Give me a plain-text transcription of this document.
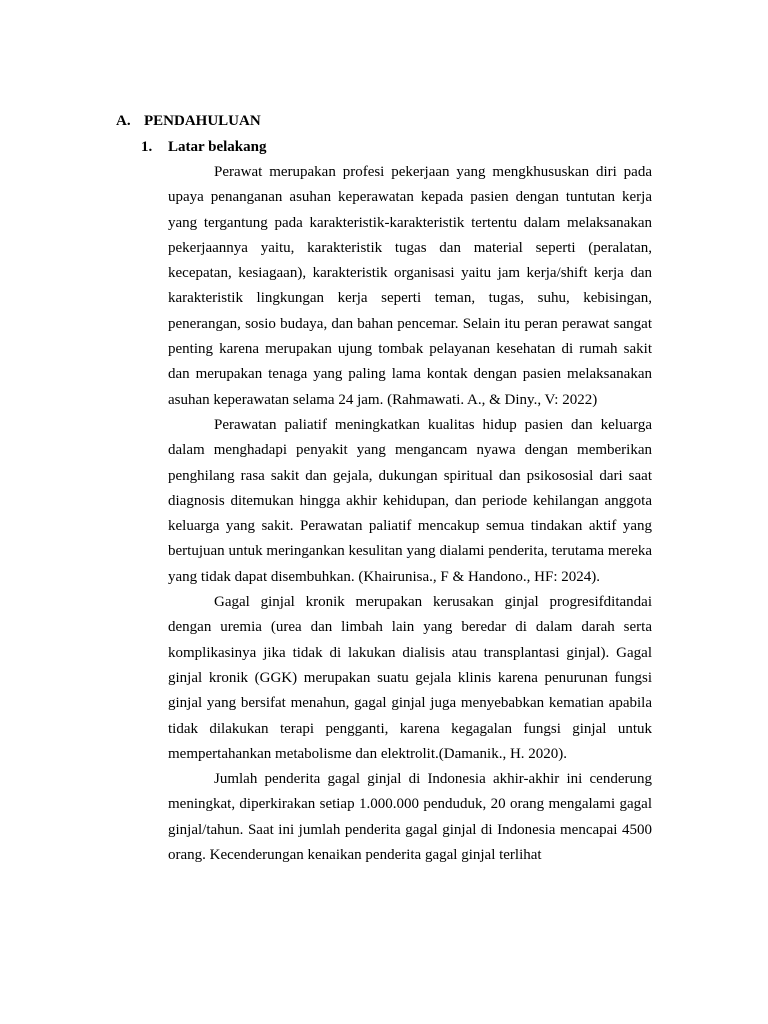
A. PENDAHULUAN
1. Latar belakang

Perawat merupakan profesi pekerjaan yang mengkhususkan diri pada upaya penanganan asuhan keperawatan kepada pasien dengan tuntutan kerja yang tergantung pada karakteristik-karakteristik tertentu dalam melaksanakan pekerjaannya yaitu, karakteristik tugas dan material seperti (peralatan, kecepatan, kesiagaan), karakteristik organisasi yaitu jam kerja/shift kerja dan karakteristik lingkungan kerja seperti teman, tugas, suhu, kebisingan, penerangan, sosio budaya, dan bahan pencemar. Selain itu peran perawat sangat penting karena merupakan ujung tombak pelayanan kesehatan di rumah sakit dan merupakan tenaga yang paling lama kontak dengan pasien melaksanakan asuhan keperawatan selama 24 jam. (Rahmawati. A., & Diny., V: 2022)

Perawatan paliatif meningkatkan kualitas hidup pasien dan keluarga dalam menghadapi penyakit yang mengancam nyawa dengan memberikan penghilang rasa sakit dan gejala, dukungan spiritual dan psikososial dari saat diagnosis ditemukan hingga akhir kehidupan, dan periode kehilangan anggota keluarga yang sakit. Perawatan paliatif mencakup semua tindakan aktif yang bertujuan untuk meringankan kesulitan yang dialami penderita, terutama mereka yang tidak dapat disembuhkan. (Khairunisa., F & Handono., HF: 2024).

Gagal ginjal kronik merupakan kerusakan ginjal progresifditandai dengan uremia (urea dan limbah lain yang beredar di dalam darah serta komplikasinya jika tidak di lakukan dialisis atau transplantasi ginjal). Gagal ginjal kronik (GGK) merupakan suatu gejala klinis karena penurunan fungsi ginjal yang bersifat menahun, gagal ginjal juga menyebabkan kematian apabila tidak dilakukan terapi pengganti, karena kegagalan fungsi ginjal untuk mempertahankan metabolisme dan elektrolit.(Damanik., H. 2020).

Jumlah penderita gagal ginjal di Indonesia akhir-akhir ini cenderung meningkat, diperkirakan setiap 1.000.000 penduduk, 20 orang mengalami gagal ginjal/tahun. Saat ini jumlah penderita gagal ginjal di Indonesia mencapai 4500 orang. Kecenderungan kenaikan penderita gagal ginjal terlihat
